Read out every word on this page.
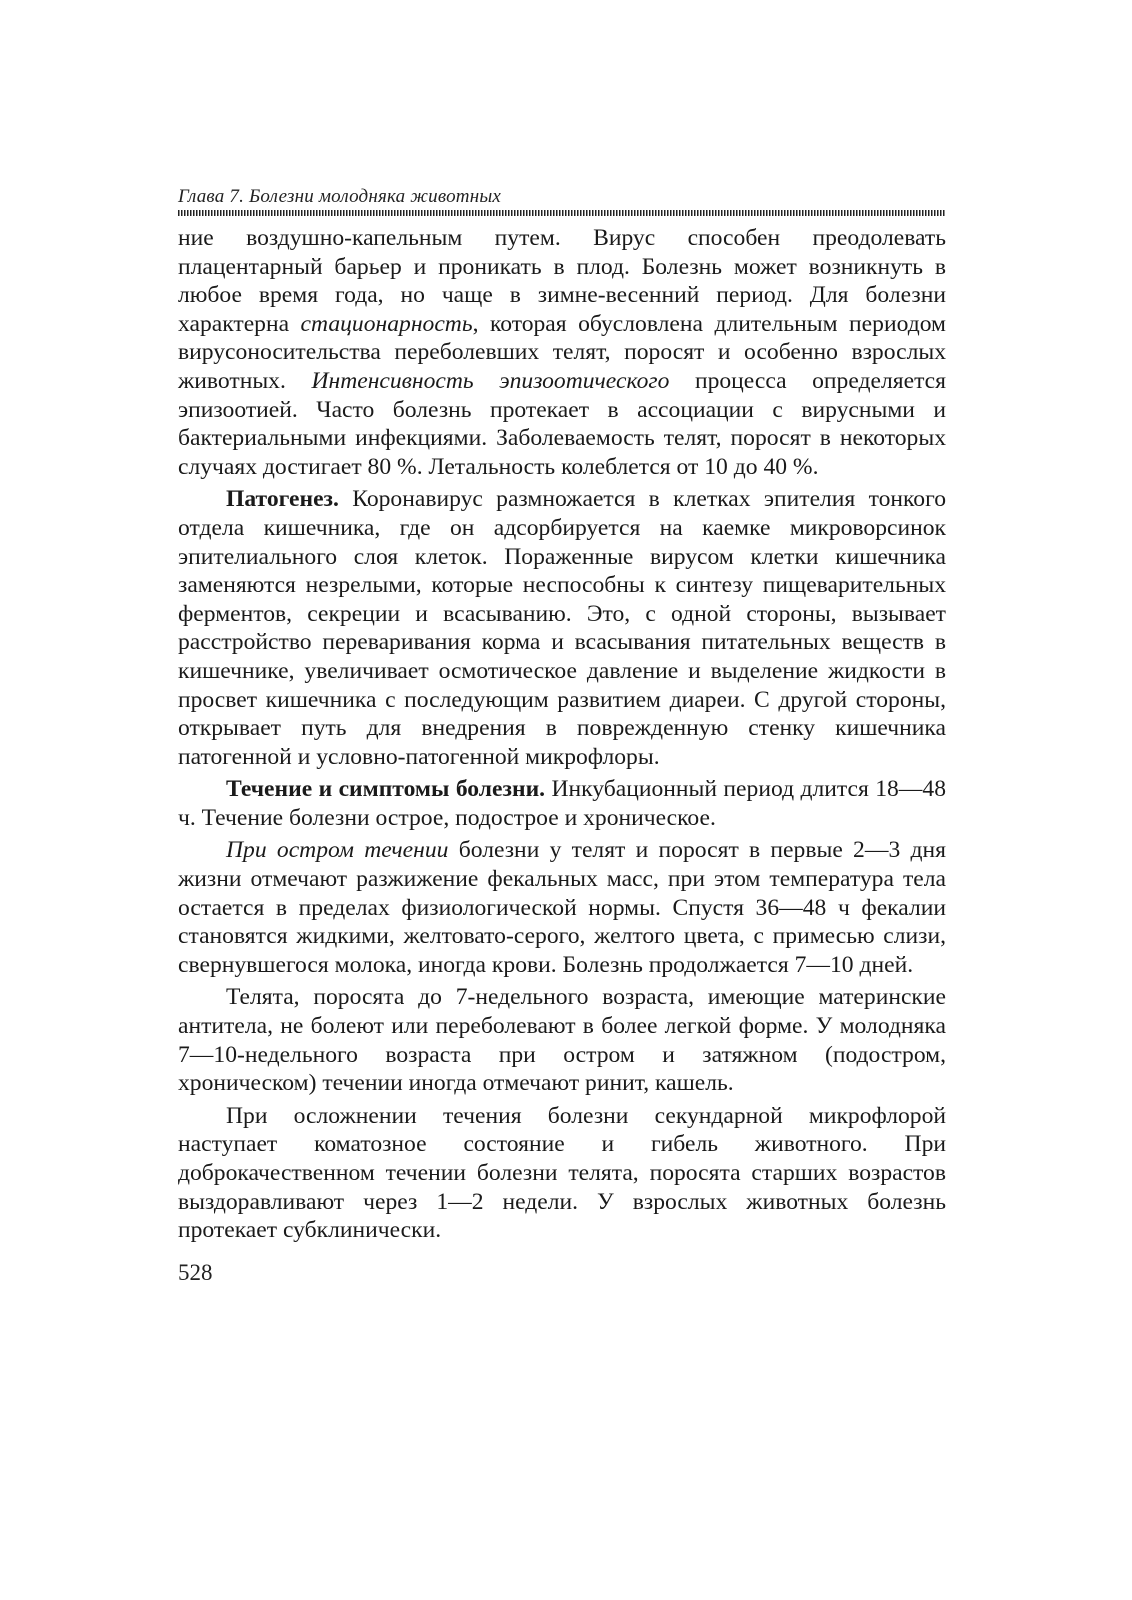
Глава 7. Болезни молодняка животных

ние воздушно-капельным путем. Вирус способен преодолевать плацентарный барьер и проникать в плод. Болезнь может возникнуть в любое время года, но чаще в зимне-весенний период. Для болезни характерна стационарность, которая обусловлена длительным периодом вирусоносительства переболевших телят, поросят и особенно взрослых животных. Интенсивность эпизоотического процесса определяется эпизоотией. Часто болезнь протекает в ассоциации с вирусными и бактериальными инфекциями. Заболеваемость телят, поросят в некоторых случаях достигает 80 %. Летальность колеблется от 10 до 40 %.

Патогенез. Коронавирус размножается в клетках эпителия тонкого отдела кишечника, где он адсорбируется на каемке микроворсинок эпителиального слоя клеток. Пораженные вирусом клетки кишечника заменяются незрелыми, которые неспособны к синтезу пищеварительных ферментов, секреции и всасыванию. Это, с одной стороны, вызывает расстройство переваривания корма и всасывания питательных веществ в кишечнике, увеличивает осмотическое давление и выделение жидкости в просвет кишечника с последующим развитием диареи. С другой стороны, открывает путь для внедрения в поврежденную стенку кишечника патогенной и условно-патогенной микрофлоры.

Течение и симптомы болезни. Инкубационный период длится 18—48 ч. Течение болезни острое, подострое и хроническое.

При остром течении болезни у телят и поросят в первые 2—3 дня жизни отмечают разжижение фекальных масс, при этом температура тела остается в пределах физиологической нормы. Спустя 36—48 ч фекалии становятся жидкими, желтовато-серого, желтого цвета, с примесью слизи, свернувшегося молока, иногда крови. Болезнь продолжается 7—10 дней.

Телята, поросята до 7-недельного возраста, имеющие материнские антитела, не болеют или переболевают в более легкой форме. У молодняка 7—10-недельного возраста при остром и затяжном (подостром, хроническом) течении иногда отмечают ринит, кашель.

При осложнении течения болезни секундарной микрофлорой наступает коматозное состояние и гибель животного. При доброкачественном течении болезни телята, поросята старших возрастов выздоравливают через 1—2 недели. У взрослых животных болезнь протекает субклинически.

528
